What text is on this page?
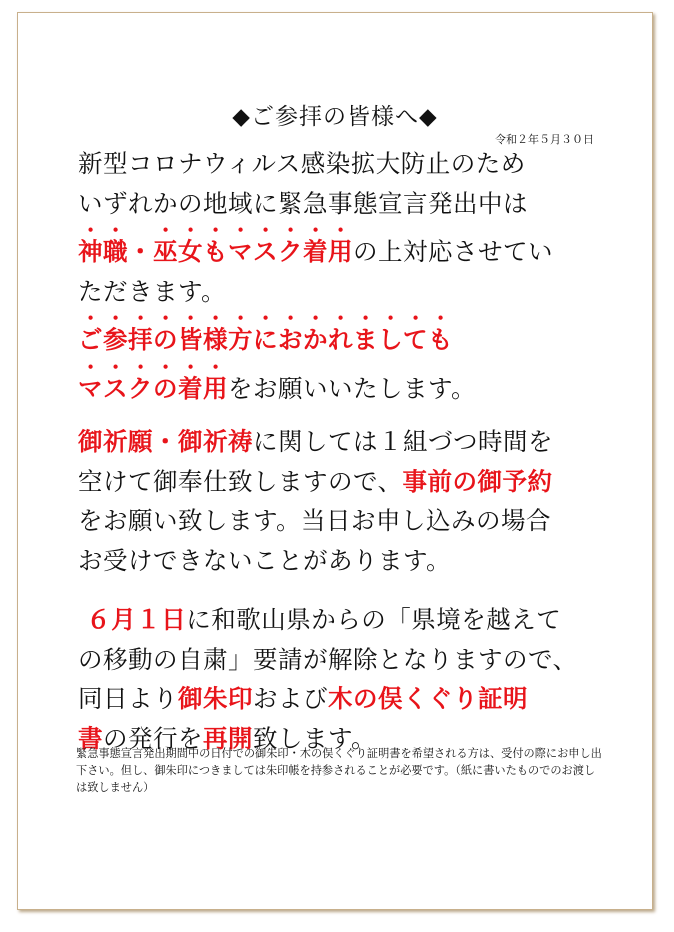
◆ご参拝の皆様へ◆
令和２年５月３０日
新型コロナウィルス感染拡大防止のため
いずれかの地域に緊急事態宣言発出中は
神職・巫女もマスク着用の上対応させてい
ただきます。
ご参拝の皆様方におかれましても
マスクの着用をお願いいたします。
御祈願・御祈祷に関しては１組づつ時間を
空けて御奉仕致しますので、事前の御予約
をお願い致します。当日お申し込みの場合
お受けできないことがあります。
６月１日に和歌山県からの「県境を越えて
の移動の自粛」要請が解除となりますので、
同日より御朱印および木の俣くぐり証明
書の発行を再開致します。
緊急事態宣言発出期間中の日付での御朱印・木の俣くぐり証明書を希望される方は、受付の際にお申し出下さい。但し、御朱印につきましては朱印帳を持参されることが必要です。（紙に書いたものでのお渡しは致しません）
